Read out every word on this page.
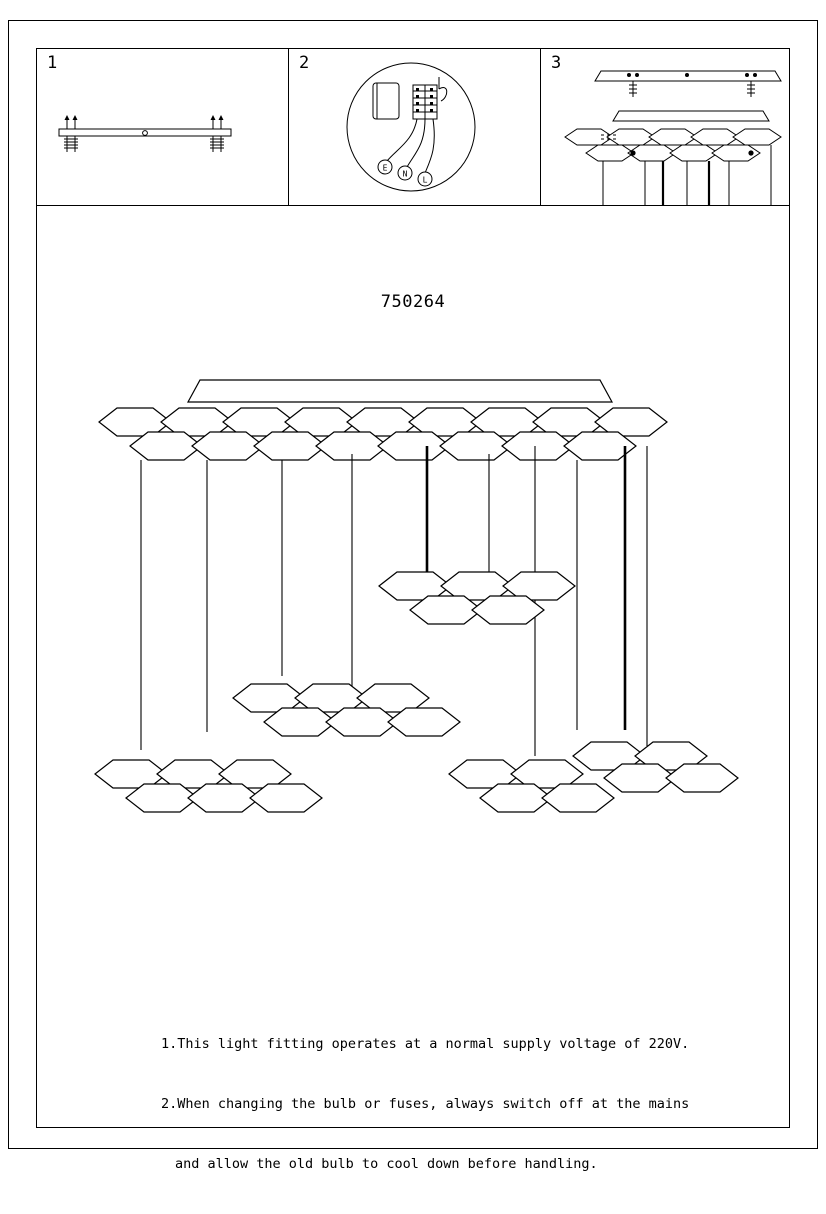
1	2
E
N
L
3
750264

1.This light fitting operates at a normal supply voltage of 220V.

2.When changing the bulb or fuses, always switch off at the mains

and allow the old bulb to cool down before handling.
